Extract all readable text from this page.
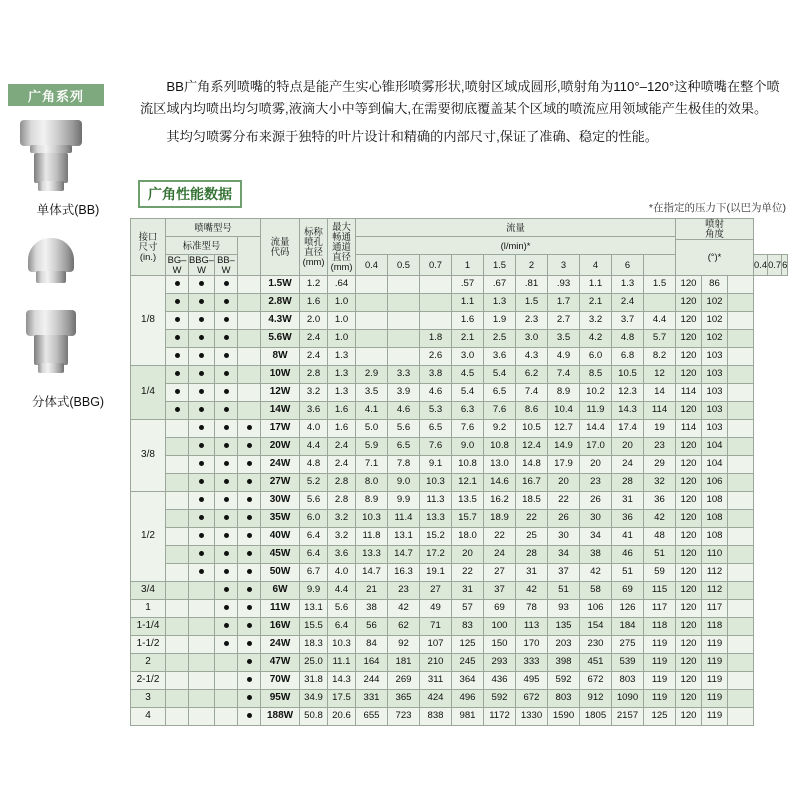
广角系列
单体式(BB)
分体式(BBG)

BB广角系列喷嘴的特点是能产生实心锥形喷雾形状,喷射区域成圆形,喷射角为110°–120°这种喷嘴在整个喷流区域内均喷出均匀喷雾,液滴大小中等到偏大,在需要彻底覆盖某个区域的喷流应用领域能产生极佳的效果。

其均匀喷雾分布来源于独特的叶片设计和精确的内部尺寸,保证了准确、稳定的性能。

广角性能数据
*在指定的压力下(以巴为单位)
接口
尺寸
(in.)
	喷嘴型号	
流量
代码

标称
喷孔
直径
(mm)

最大
畅通
通道
直径
(mm)
	流量	喷射
角度

	标准型号							(l/min)*															
																		(°)*					
	BG–W	BBG–W	BB–W					0.4	0.5	0.7	1	1.5	2	3	4	6					0.4	0.7	6
1/8					1.5W	1.2	.64				.57	.67	.81	.93	1.1	1.3	1.5	120	86				
					2.8W	1.6	1.0				1.1	1.3	1.5	1.7	2.1	2.4		120	102				
					4.3W	2.0	1.0				1.6	1.9	2.3	2.7	3.2	3.7	4.4	120	102				
					5.6W	2.4	1.0			1.8	2.1	2.5	3.0	3.5	4.2	4.8	5.7	120	102				
					8W	2.4	1.3			2.6	3.0	3.6	4.3	4.9	6.0	6.8	8.2	120	103				
1/4					10W	2.8	1.3	2.9	3.3	3.8	4.5	5.4	6.2	7.4	8.5	10.5	12	120	103				
					12W	3.2	1.3	3.5	3.9	4.6	5.4	6.5	7.4	8.9	10.2	12.3	14	114	103				
					14W	3.6	1.6	4.1	4.6	5.3	6.3	7.6	8.6	10.4	11.9	14.3	114	120	103				
3/8					17W	4.0	1.6	5.0	5.6	6.5	7.6	9.2	10.5	12.7	14.4	17.4	19	114	103				
					20W	4.4	2.4	5.9	6.5	7.6	9.0	10.8	12.4	14.9	17.0	20	23	120	104				
					24W	4.8	2.4	7.1	7.8	9.1	10.8	13.0	14.8	17.9	20	24	29	120	104				
					27W	5.2	2.8	8.0	9.0	10.3	12.1	14.6	16.7	20	23	28	32	120	106				
1/2					30W	5.6	2.8	8.9	9.9	11.3	13.5	16.2	18.5	22	26	31	36	120	108				
					35W	6.0	3.2	10.3	11.4	13.3	15.7	18.9	22	26	30	36	42	120	108				
					40W	6.4	3.2	11.8	13.1	15.2	18.0	22	25	30	34	41	48	120	108				
					45W	6.4	3.6	13.3	14.7	17.2	20	24	28	34	38	46	51	120	110				
					50W	6.7	4.0	14.7	16.3	19.1	22	27	31	37	42	51	59	120	112				
3/4					6W	9.9	4.4	21	23	27	31	37	42	51	58	69	115	120	112				
1					11W	13.1	5.6	38	42	49	57	69	78	93	106	126	117	120	117				
1-1/4					16W	15.5	6.4	56	62	71	83	100	113	135	154	184	118	120	118				
1-1/2					24W	18.3	10.3	84	92	107	125	150	170	203	230	275	119	120	119				
2					47W	25.0	11.1	164	181	210	245	293	333	398	451	539	119	120	119				
2-1/2					70W	31.8	14.3	244	269	311	364	436	495	592	672	803	119	120	119				
3					95W	34.9	17.5	331	365	424	496	592	672	803	912	1090	119	120	119				
4					188W	50.8	20.6	655	723	838	981	1172	1330	1590	1805	2157	125	120	119				
